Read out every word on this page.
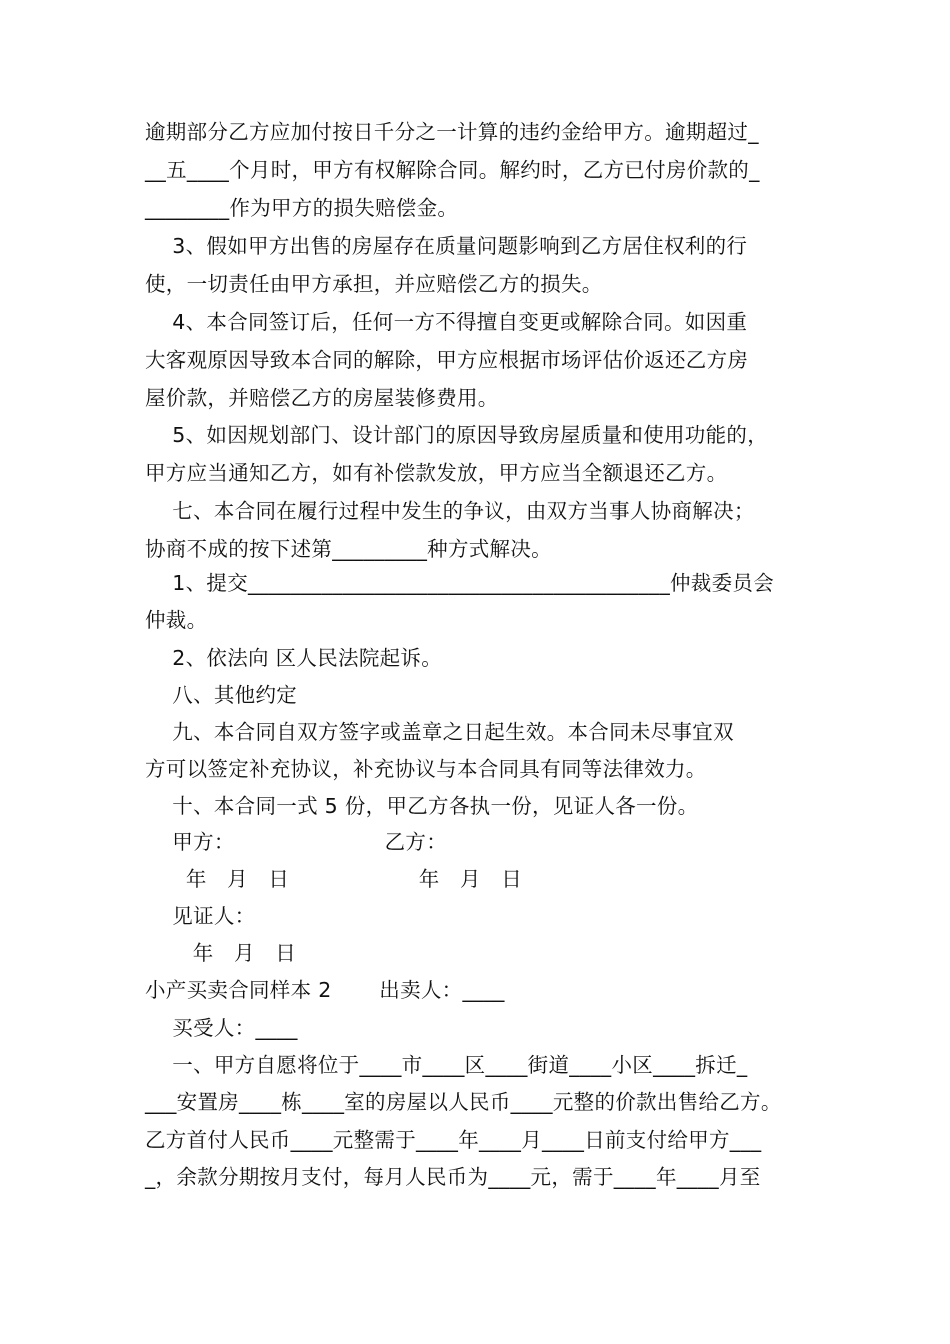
逾期部分乙方应加付按日千分之一计算的违约金给甲方。逾期超过_
__五____个月时，甲方有权解除合同。解约时，乙方已付房价款的_
________作为甲方的损失赔偿金。
3、假如甲方出售的房屋存在质量问题影响到乙方居住权利的行
使，一切责任由甲方承担，并应赔偿乙方的损失。
4、本合同签订后，任何一方不得擅自变更或解除合同。如因重
大客观原因导致本合同的解除，甲方应根据市场评估价返还乙方房
屋价款，并赔偿乙方的房屋装修费用。
5、如因规划部门、设计部门的原因导致房屋质量和使用功能的，
甲方应当通知乙方，如有补偿款发放，甲方应当全额退还乙方。
七、本合同在履行过程中发生的争议，由双方当事人协商解决；
协商不成的按下述第_________种方式解决。
1、提交________________________________________仲裁委员会
仲裁。
2、依法向 区人民法院起诉。
八、其他约定
九、本合同自双方签字或盖章之日起生效。本合同未尽事宜双
方可以签定补充协议，补充协议与本合同具有同等法律效力。
十、本合同一式 5 份，甲乙方各执一份，见证人各一份。
甲方：                      乙方：
年   月   日                   年   月   日
见证人：
年   月   日
小产买卖合同样本 2       出卖人：____
买受人：____
一、甲方自愿将位于____市____区____街道____小区____拆迁_
___安置房____栋____室的房屋以人民币____元整的价款出售给乙方。
乙方首付人民币____元整需于____年____月____日前支付给甲方___
_，余款分期按月支付，每月人民币为____元，需于____年____月至
